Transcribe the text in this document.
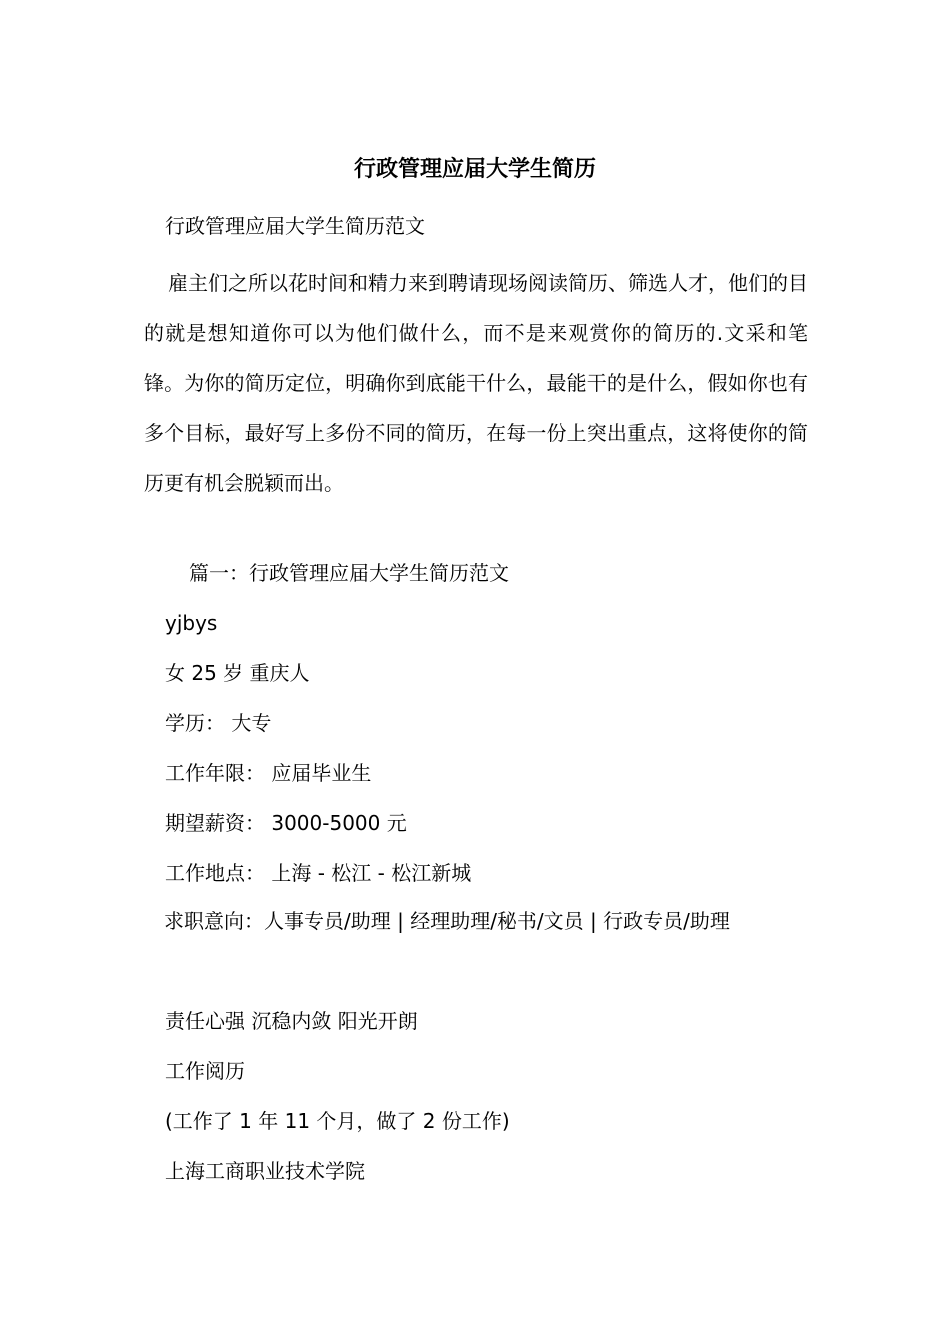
行政管理应届大学生简历
行政管理应届大学生简历范文
雇主们之所以花时间和精力来到聘请现场阅读简历、筛选人才，他们的目的就是想知道你可以为他们做什么，而不是来观赏你的简历的.文采和笔锋。为你的简历定位，明确你到底能干什么，最能干的是什么，假如你也有多个目标，最好写上多份不同的简历，在每一份上突出重点，这将使你的简历更有机会脱颖而出。
篇一：行政管理应届大学生简历范文
yjbys
女 25 岁 重庆人
学历： 大专
工作年限： 应届毕业生
期望薪资： 3000-5000 元
工作地点： 上海 - 松江 - 松江新城
求职意向：人事专员/助理 | 经理助理/秘书/文员 | 行政专员/助理
责任心强 沉稳内敛 阳光开朗
工作阅历
(工作了 1 年 11 个月，做了 2 份工作)
上海工商职业技术学院
